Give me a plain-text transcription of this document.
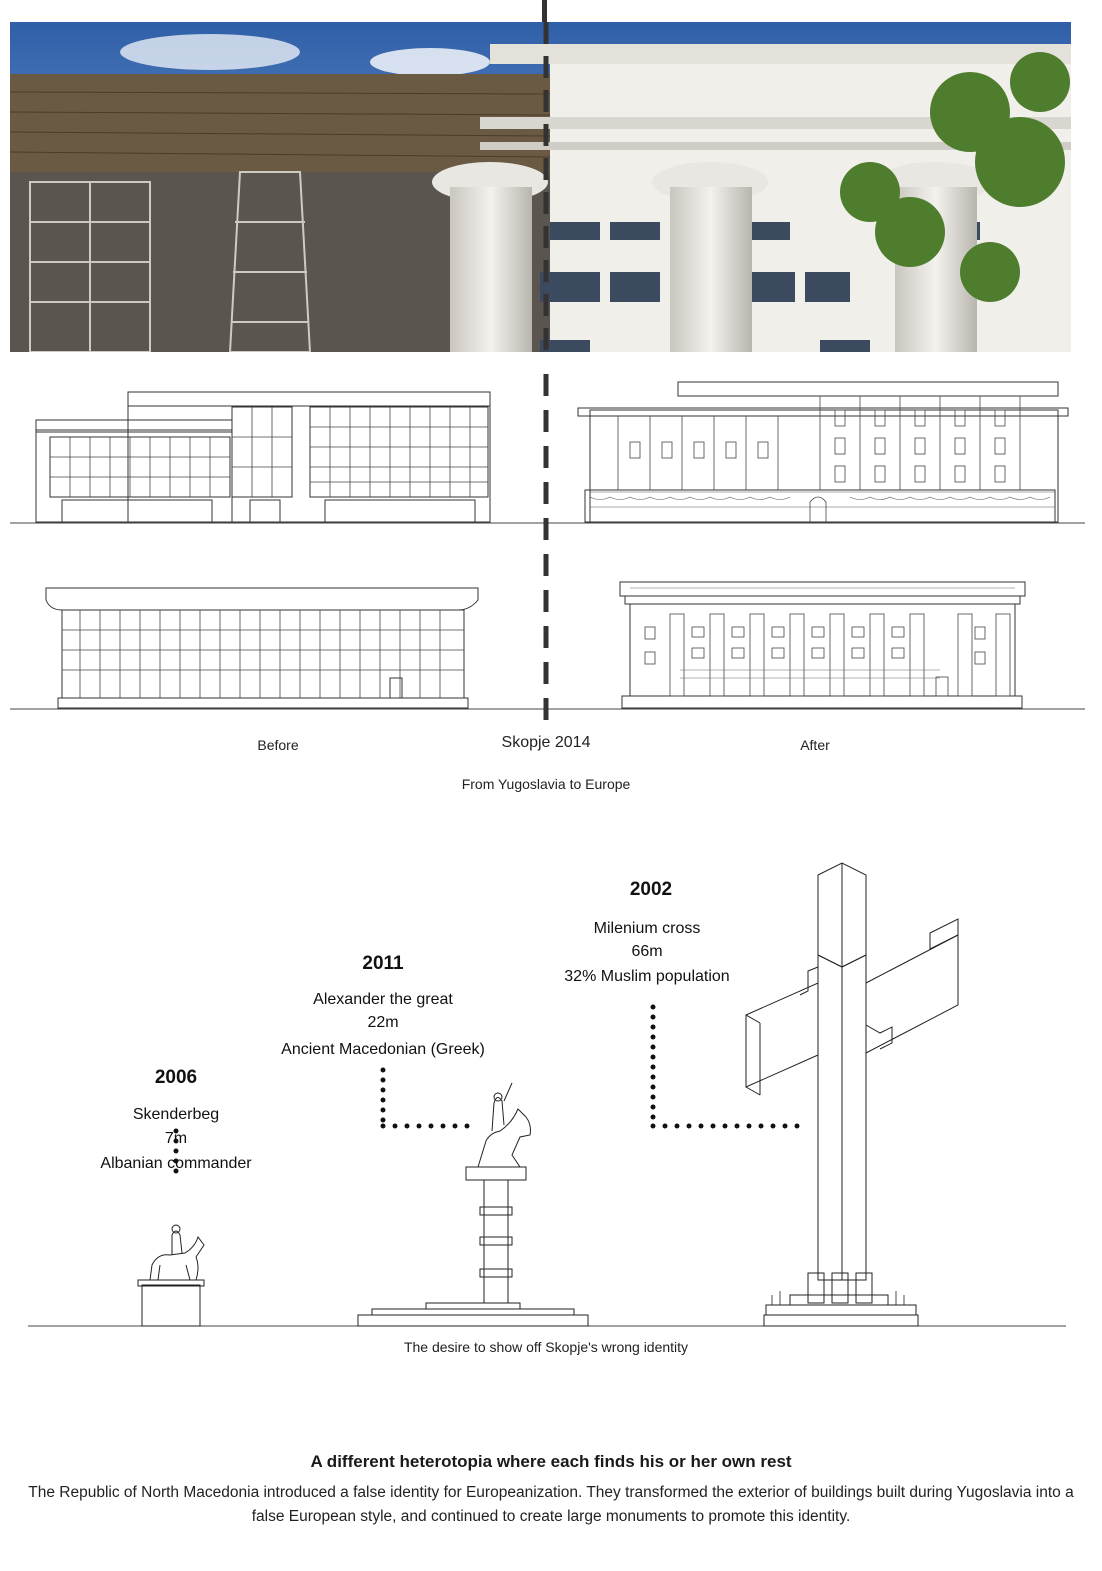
Before	Skopje 2014	After
From Yugoslavia to Europe
2006
Skenderbeg
7m
Albanian commander
2011
Alexander the great
22m
Ancient Macedonian (Greek)
2002
Milenium cross
66m
32% Muslim population
The desire to show off Skopje's wrong identity
A different heterotopia where each finds his or her own rest
The Republic of North Macedonia introduced a false identity for Europeanization. They transformed the exterior of buildings built during Yugoslavia into a false European style, and continued to create large monuments to promote this identity.
